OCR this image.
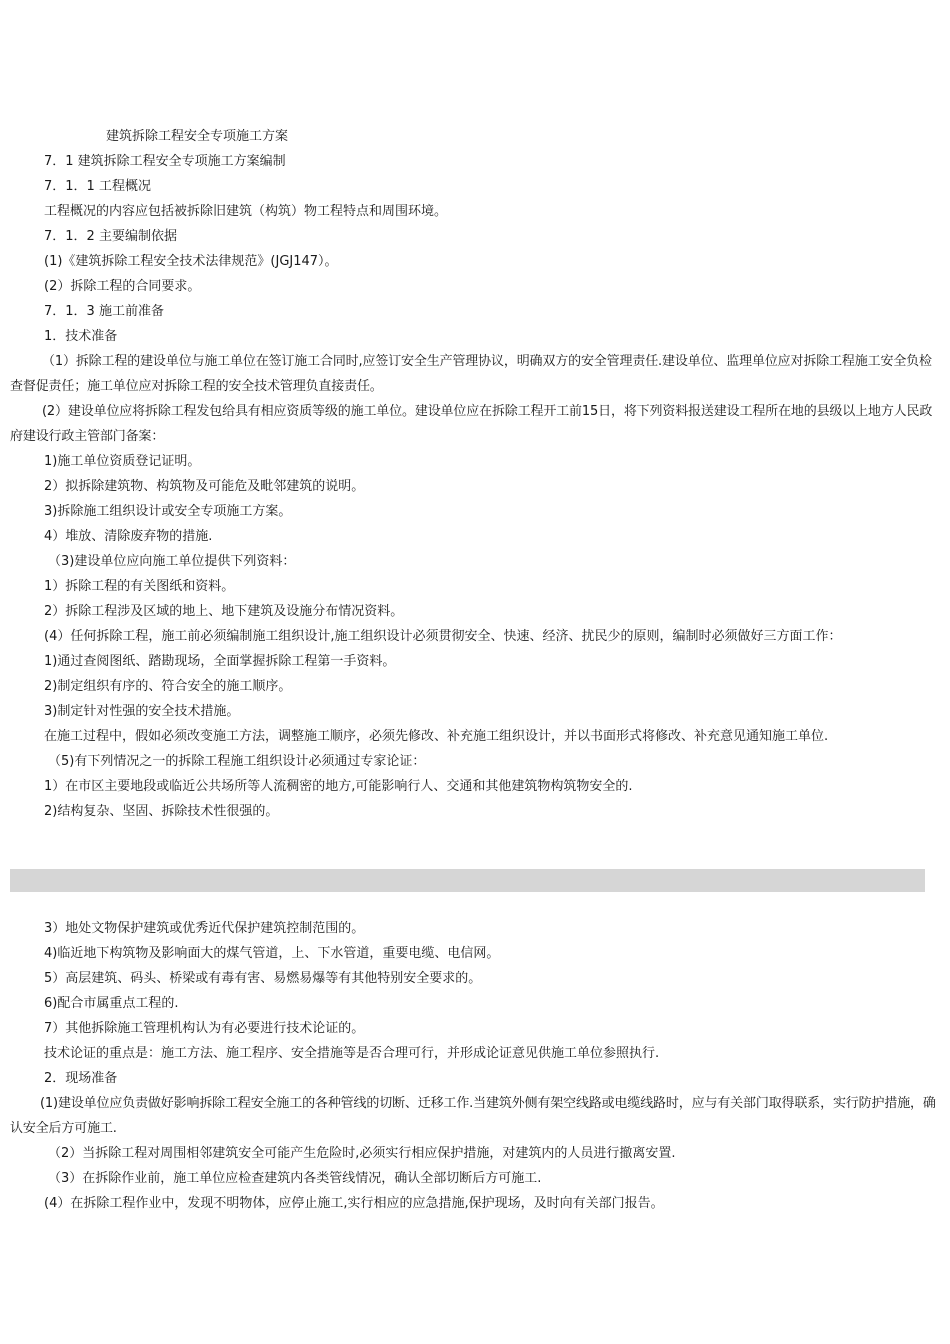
建筑拆除工程安全专项施工方案
7．1 建筑拆除工程安全专项施工方案编制
7．1．1 工程概况
工程概况的内容应包括被拆除旧建筑（构筑）物工程特点和周围环境。
7．1．2 主要编制依据
(1)《建筑拆除工程安全技术法律规范》(JGJ147）。
(2）拆除工程的合同要求。
7．1．3 施工前准备
1．技术准备
（1）拆除工程的建设单位与施工单位在签订施工合同时,应签订安全生产管理协议，明确双方的安全管理责任.建设单位、监理单位应对拆除工程施工安全负检查督促责任；施工单位应对拆除工程的安全技术管理负直接责任。
(2）建设单位应将拆除工程发包给具有相应资质等级的施工单位。建设单位应在拆除工程开工前15日，将下列资料报送建设工程所在地的县级以上地方人民政府建设行政主管部门备案：
1)施工单位资质登记证明。
2）拟拆除建筑物、构筑物及可能危及毗邻建筑的说明。
3)拆除施工组织设计或安全专项施工方案。
4）堆放、清除废弃物的措施.
（3)建设单位应向施工单位提供下列资料：
1）拆除工程的有关图纸和资料。
2）拆除工程涉及区域的地上、地下建筑及设施分布情况资料。
(4）任何拆除工程，施工前必须编制施工组织设计,施工组织设计必须贯彻安全、快速、经济、扰民少的原则，编制时必须做好三方面工作：
1)通过查阅图纸、踏勘现场，全面掌握拆除工程第一手资料。
2)制定组织有序的、符合安全的施工顺序。
3)制定针对性强的安全技术措施。
在施工过程中，假如必须改变施工方法，调整施工顺序，必须先修改、补充施工组织设计，并以书面形式将修改、补充意见通知施工单位.
（5)有下列情况之一的拆除工程施工组织设计必须通过专家论证：
1）在市区主要地段或临近公共场所等人流稠密的地方,可能影响行人、交通和其他建筑物构筑物安全的.
2)结构复杂、坚固、拆除技术性很强的。
3）地处文物保护建筑或优秀近代保护建筑控制范围的。
4)临近地下构筑物及影响面大的煤气管道，上、下水管道，重要电缆、电信网。
5）高层建筑、码头、桥梁或有毒有害、易燃易爆等有其他特别安全要求的。
6)配合市属重点工程的.
7）其他拆除施工管理机构认为有必要进行技术论证的。
技术论证的重点是：施工方法、施工程序、安全措施等是否合理可行，并形成论证意见供施工单位参照执行.
2．现场准备
(1)建设单位应负责做好影响拆除工程安全施工的各种管线的切断、迁移工作.当建筑外侧有架空线路或电缆线路时，应与有关部门取得联系，实行防护措施，确认安全后方可施工.
（2）当拆除工程对周围相邻建筑安全可能产生危险时,必须实行相应保护措施，对建筑内的人员进行撤离安置.
（3）在拆除作业前，施工单位应检查建筑内各类管线情况，确认全部切断后方可施工.
(4）在拆除工程作业中，发现不明物体，应停止施工,实行相应的应急措施,保护现场，及时向有关部门报告。
